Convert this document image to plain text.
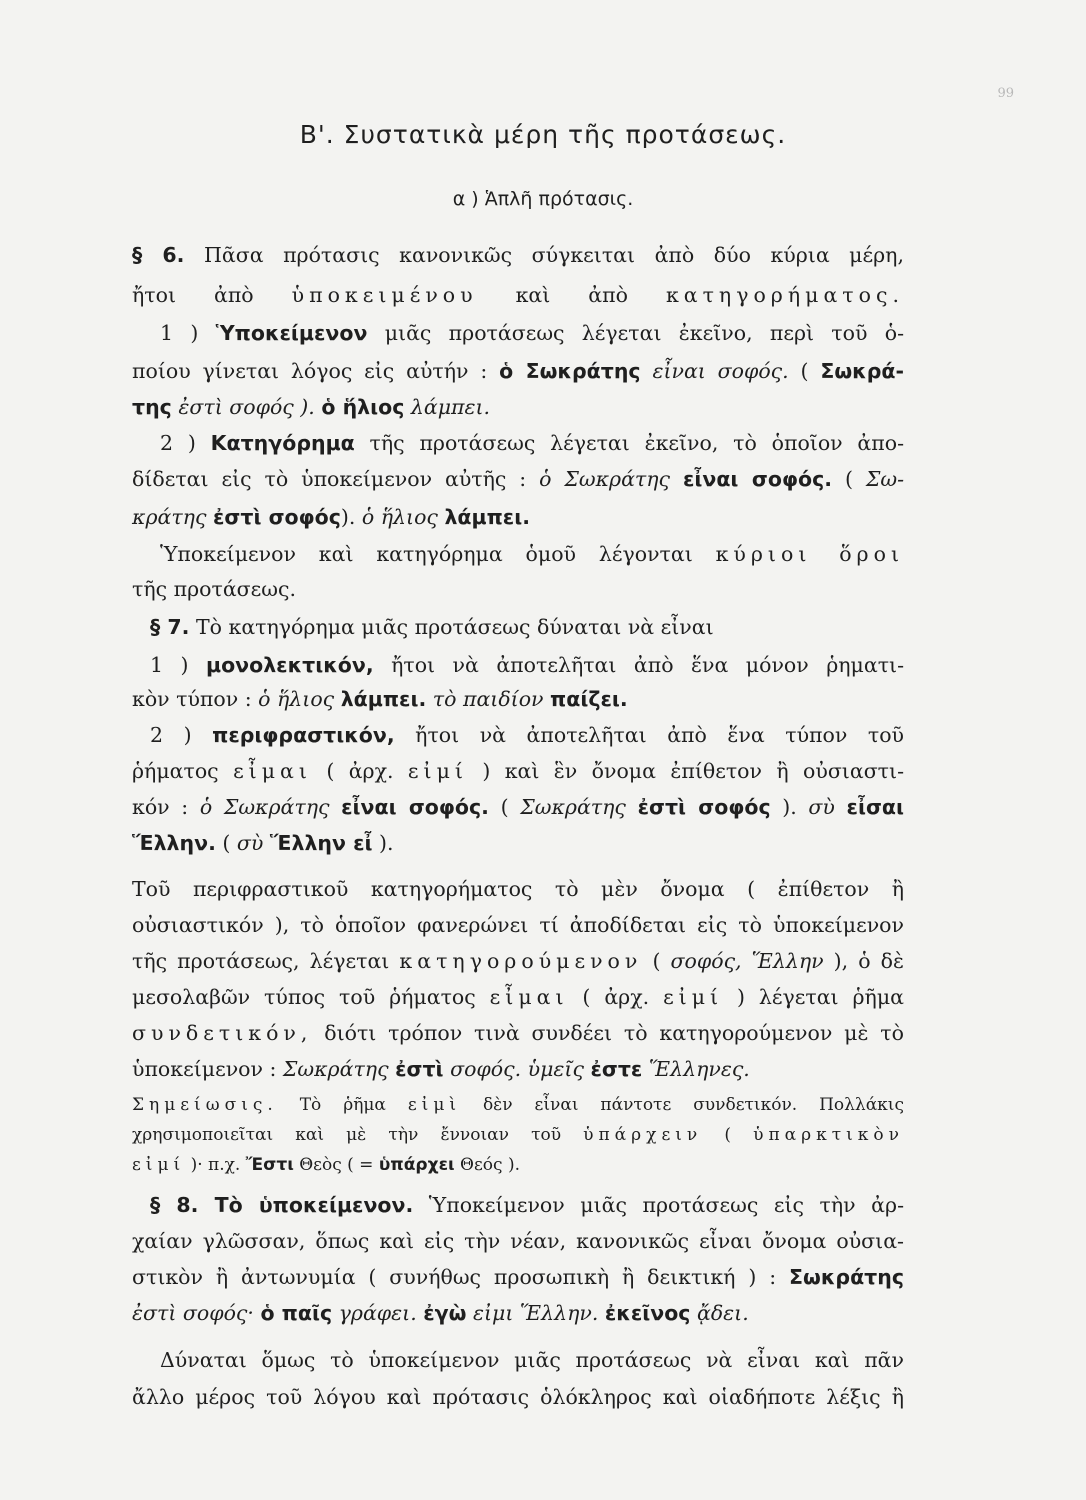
99
Β'. Συστατικὰ μέρη τῆς προτάσεως.
α ) Ἁπλῆ πρότασις.
§ 6. Πᾶσα πρότασις κανονικῶς σύγκειται ἀπὸ δύο κύρια μέρη,
ἤτοι ἀπὸ ὑποκειμένου καὶ ἀπὸ κατηγορήματος.
1 ) Ὑποκείμενον μιᾶς προτάσεως λέγεται ἐκεῖνο, περὶ τοῦ ὁ-
ποίου γίνεται λόγος εἰς αὐτήν : ὁ Σωκράτης εἶναι σοφός. ( Σωκρά-
της ἐστὶ σοφός ). ὁ ἥλιος λάμπει.
2 ) Κατηγόρημα τῆς προτάσεως λέγεται ἐκεῖνο, τὸ ὁποῖον ἀπο-
δίδεται εἰς τὸ ὑποκείμενον αὐτῆς : ὁ Σωκράτης εἶναι σοφός. ( Σω-
κράτης ἐστὶ σοφός). ὁ ἥλιος λάμπει.
Ὑποκείμενον καὶ κατηγόρημα ὁμοῦ λέγονται κύριοι ὅροι
τῆς προτάσεως.
§ 7. Τὸ κατηγόρημα μιᾶς προτάσεως δύναται νὰ εἶναι
1 ) μονολεκτικόν, ἤτοι νὰ ἀποτελῆται ἀπὸ ἕνα μόνον ῥηματι-
κὸν τύπον : ὁ ἥλιος λάμπει. τὸ παιδίον παίζει.
2 ) περιφραστικόν, ἤτοι νὰ ἀποτελῆται ἀπὸ ἕνα τύπον τοῦ
ῥήματος εἶμαι ( ἀρχ. εἰμί ) καὶ ἓν ὄνομα ἐπίθετον ἢ οὐσιαστι-
κόν : ὁ Σωκράτης εἶναι σοφός. ( Σωκράτης ἐστὶ σοφός ). σὺ εἶσαι
Ἕλλην. ( σὺ Ἕλλην εἶ ).
Τοῦ περιφραστικοῦ κατηγορήματος τὸ μὲν ὄνομα ( ἐπίθετον ἢ
οὐσιαστικόν ), τὸ ὁποῖον φανερώνει τί ἀποδίδεται εἰς τὸ ὑποκείμενον
τῆς προτάσεως, λέγεται κατηγορούμενον ( σοφός, Ἕλλην ), ὁ δὲ
μεσολαβῶν τύπος τοῦ ῥήματος εἶμαι ( ἀρχ. εἰμί ) λέγεται ῥῆμα
συνδετικόν, διότι τρόπον τινὰ συνδέει τὸ κατηγορούμενον μὲ τὸ
ὑποκείμενον : Σωκράτης ἐστὶ σοφός. ὑμεῖς ἐστε Ἕλληνες.
Σημείωσις. Τὸ ῥῆμα εἰμὶ δὲν εἶναι πάντοτε συνδετικόν. Πολλάκις
χρησιμοποιεῖται καὶ μὲ τὴν ἔννοιαν τοῦ ὑπάρχειν ( ὑπαρκτικὸν
εἰμί )· π.χ. Ἔστι Θεὸς ( = ὑπάρχει Θεός ).
§ 8. Τὸ ὑποκείμενον. Ὑποκείμενον μιᾶς προτάσεως εἰς τὴν ἀρ-
χαίαν γλῶσσαν, ὅπως καὶ εἰς τὴν νέαν, κανονικῶς εἶναι ὄνομα οὐσια-
στικὸν ἢ ἀντωνυμία ( συνήθως προσωπικὴ ἢ δεικτική ) : Σωκράτης
ἐστὶ σοφός· ὁ παῖς γράφει. ἐγὼ εἰμι Ἕλλην. ἐκεῖνος ᾄδει.
Δύναται ὅμως τὸ ὑποκείμενον μιᾶς προτάσεως νὰ εἶναι καὶ πᾶν
ἄλλο μέρος τοῦ λόγου καὶ πρότασις ὁλόκληρος καὶ οἱαδήποτε λέξις ἢ
